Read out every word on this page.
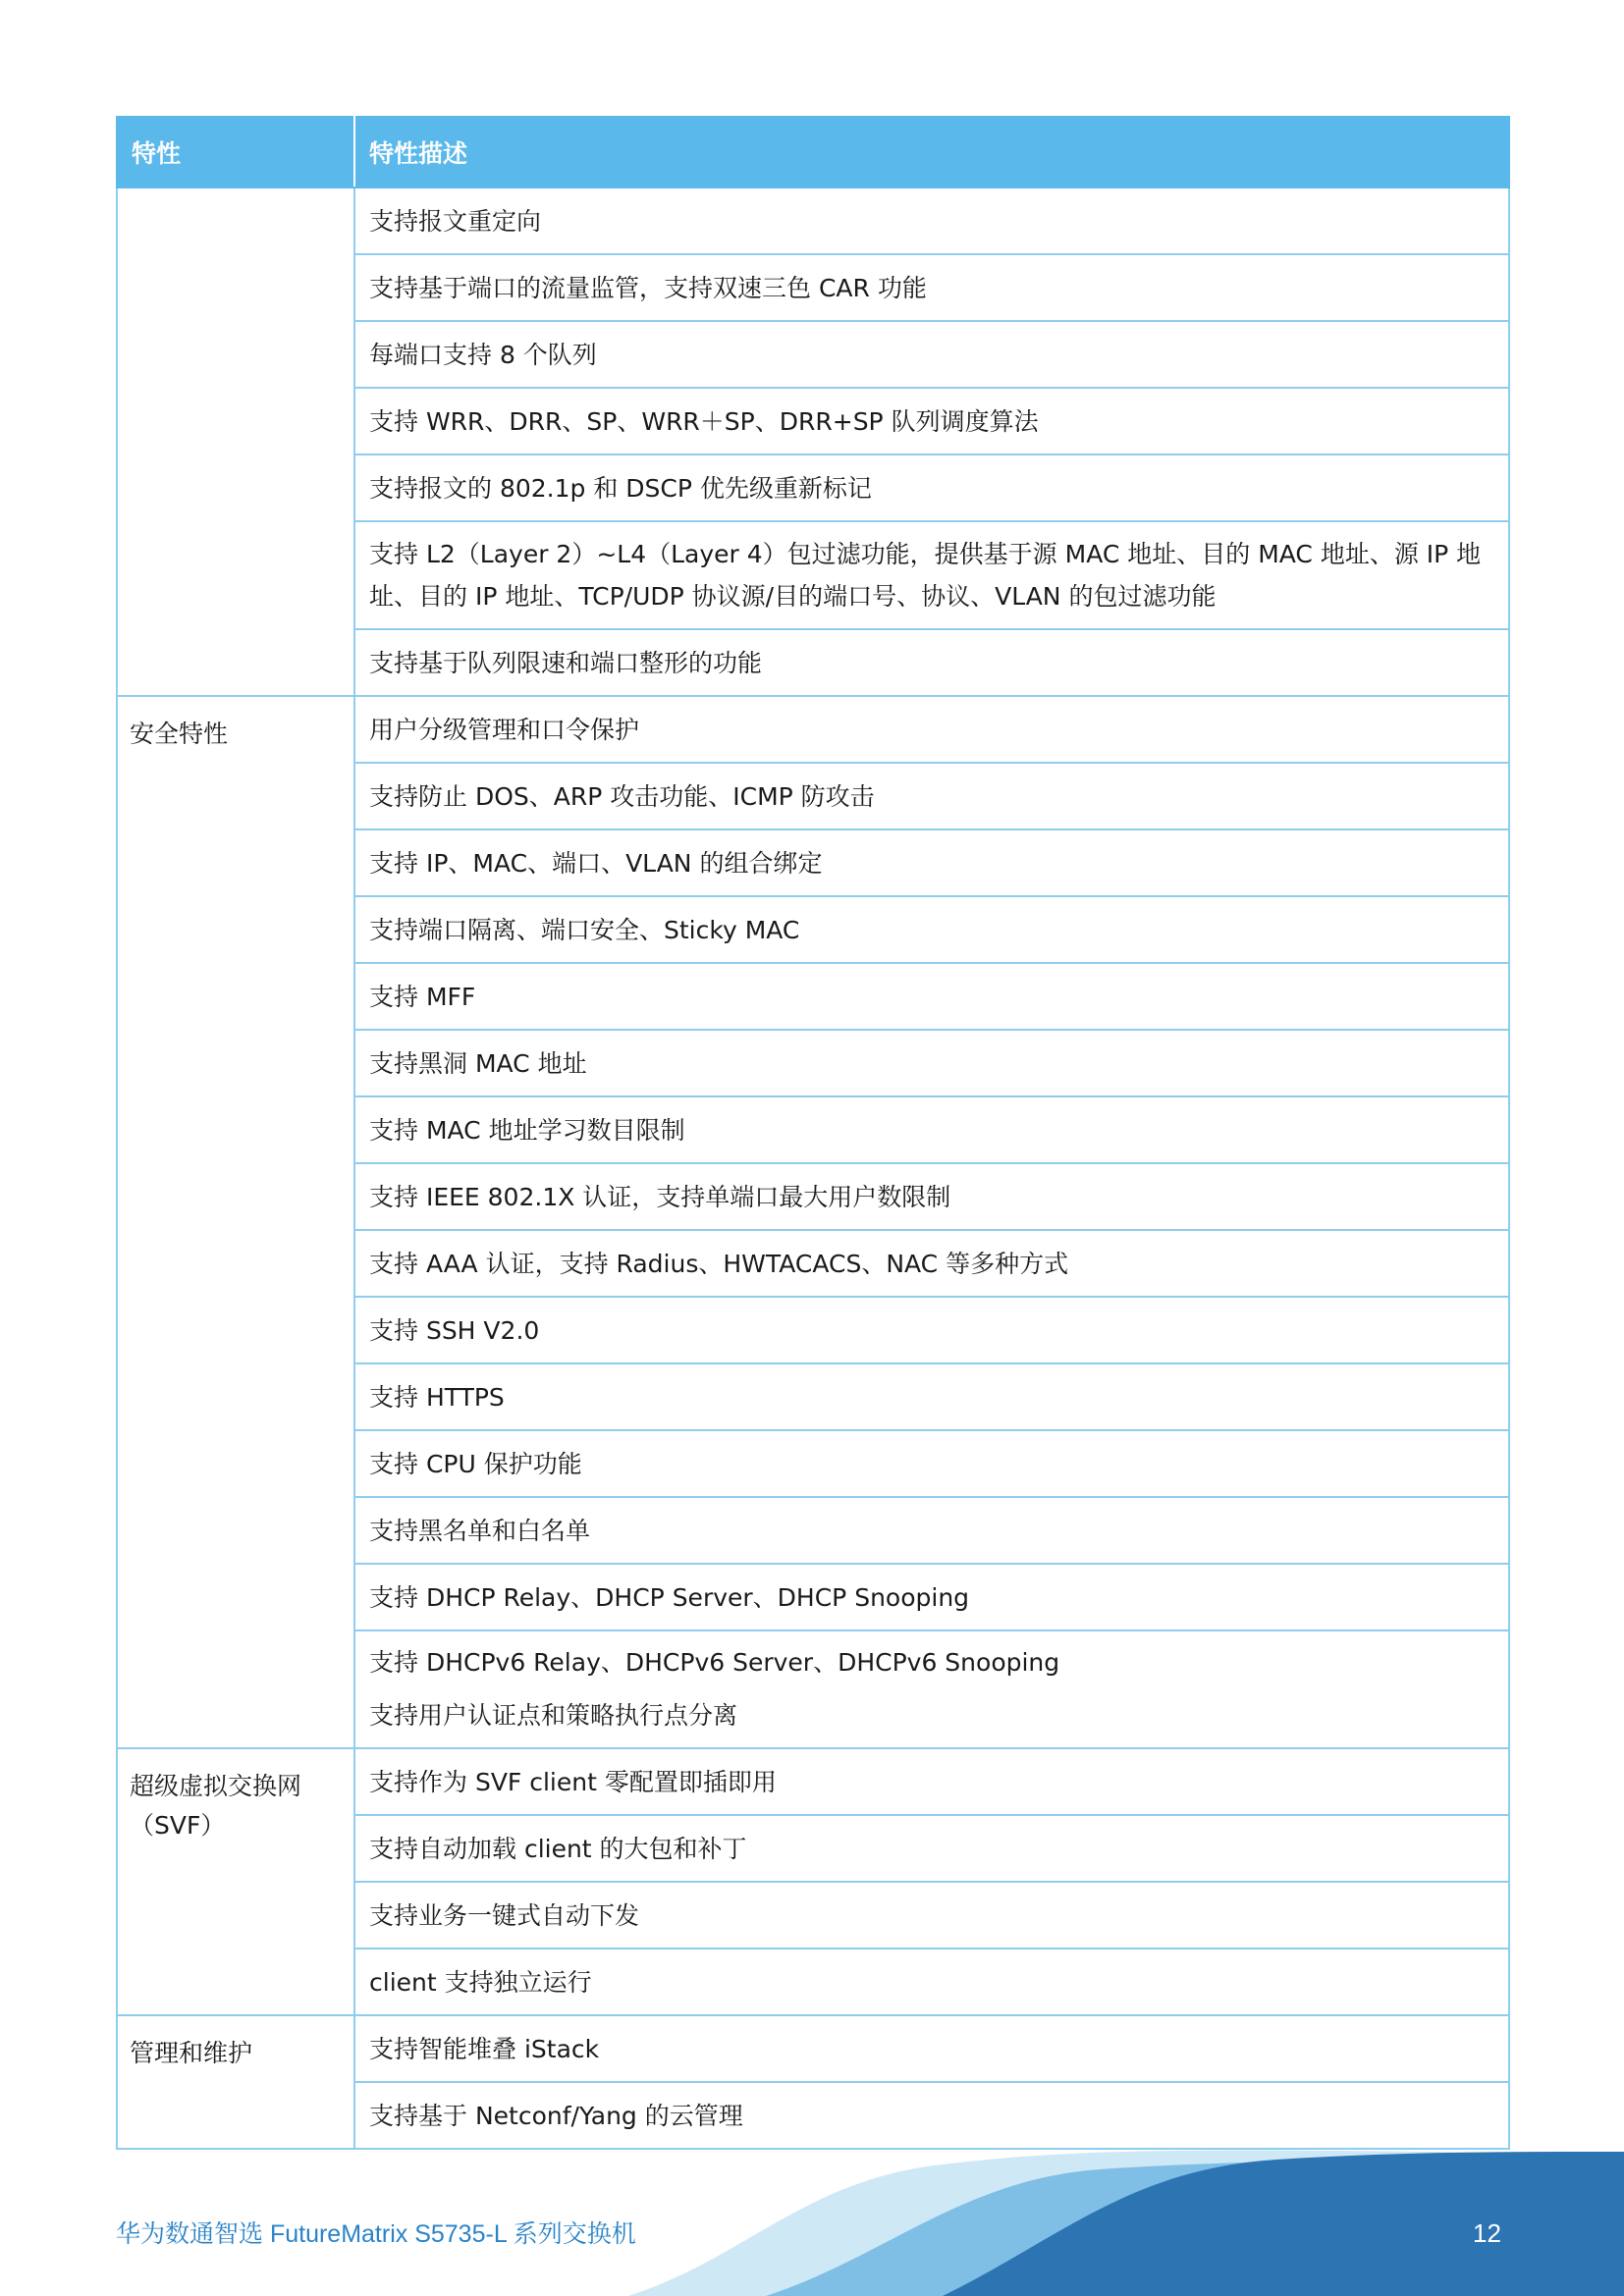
特性	特性描述

	支持报文重定向

	支持基于端口的流量监管，支持双速三色 CAR 功能

	每端口支持 8 个队列

	支持 WRR、DRR、SP、WRR＋SP、DRR+SP 队列调度算法

	支持报文的 802.1p 和 DSCP 优先级重新标记

	支持 L2（Layer 2）~L4（Layer 4）包过滤功能，提供基于源 MAC 地址、目的 MAC 地址、源 IP 地
址、目的 IP 地址、TCP/UDP 协议源/目的端口号、协议、VLAN 的包过滤功能

	支持基于队列限速和端口整形的功能

安全特性	用户分级管理和口令保护

	支持防止 DOS、ARP 攻击功能、ICMP 防攻击

	支持 IP、MAC、端口、VLAN 的组合绑定

	支持端口隔离、端口安全、Sticky MAC

	支持 MFF

	支持黑洞 MAC 地址

	支持 MAC 地址学习数目限制

	支持 IEEE 802.1X 认证，支持单端口最大用户数限制

	支持 AAA 认证，支持 Radius、HWTACACS、NAC 等多种方式

	支持 SSH V2.0

	支持 HTTPS

	支持 CPU 保护功能

	支持黑名单和白名单

	支持 DHCP Relay、DHCP Server、DHCP Snooping

	支持 DHCPv6 Relay、DHCPv6 Server、DHCPv6 Snooping
支持用户认证点和策略执行点分离

超级虚拟交换网
（SVF）	支持作为 SVF client 零配置即插即用

	支持自动加载 client 的大包和补丁

	支持业务一键式自动下发

	client 支持独立运行

管理和维护	支持智能堆叠 iStack

	支持基于 Netconf/Yang 的云管理
华为数通智选 FutureMatrix S5735-L 系列交换机	12
